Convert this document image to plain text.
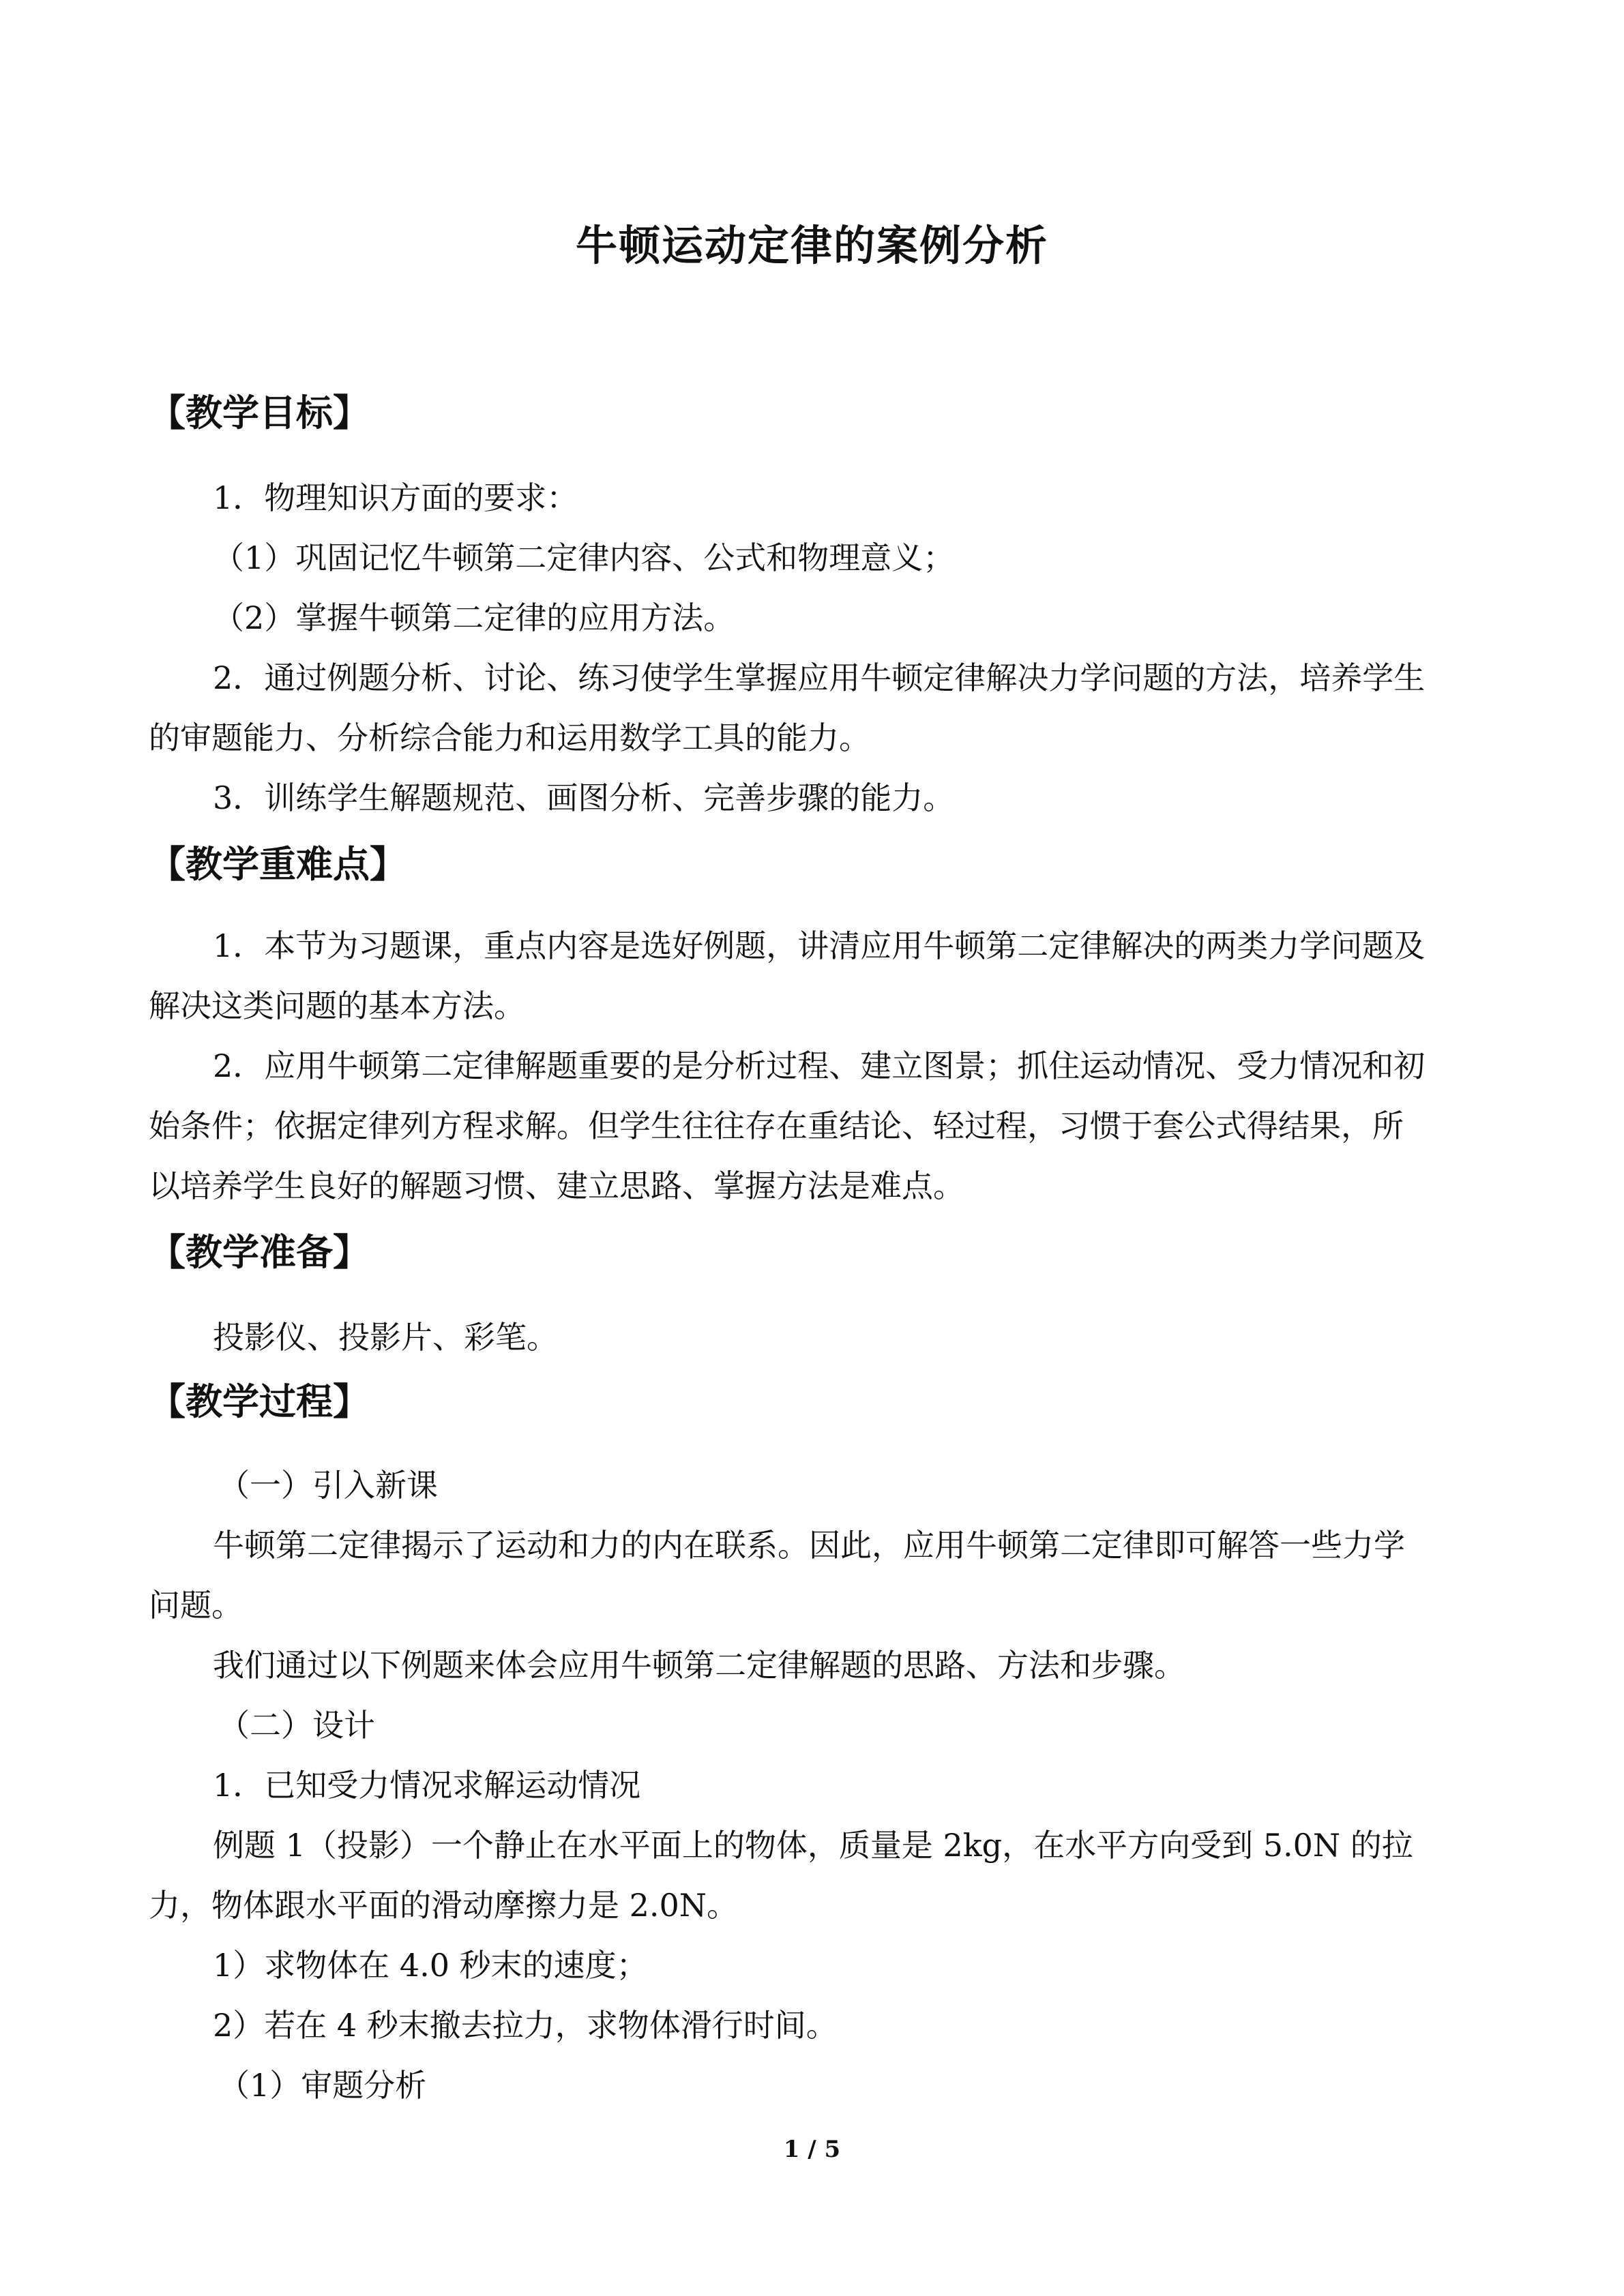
牛顿运动定律的案例分析
【教学目标】
1．物理知识方面的要求：
（1）巩固记忆牛顿第二定律内容、公式和物理意义；
（2）掌握牛顿第二定律的应用方法。
2．通过例题分析、讨论、练习使学生掌握应用牛顿定律解决力学问题的方法，培养学生
的审题能力、分析综合能力和运用数学工具的能力。
3．训练学生解题规范、画图分析、完善步骤的能力。
【教学重难点】
1．本节为习题课，重点内容是选好例题，讲清应用牛顿第二定律解决的两类力学问题及
解决这类问题的基本方法。
2．应用牛顿第二定律解题重要的是分析过程、建立图景；抓住运动情况、受力情况和初
始条件；依据定律列方程求解。但学生往往存在重结论、轻过程，习惯于套公式得结果，所
以培养学生良好的解题习惯、建立思路、掌握方法是难点。
【教学准备】
投影仪、投影片、彩笔。
【教学过程】
（一）引入新课
牛顿第二定律揭示了运动和力的内在联系。因此，应用牛顿第二定律即可解答一些力学
问题。
我们通过以下例题来体会应用牛顿第二定律解题的思路、方法和步骤。
（二）设计
1．已知受力情况求解运动情况
例题 1（投影）一个静止在水平面上的物体，质量是 2kg，在水平方向受到 5.0N 的拉
力，物体跟水平面的滑动摩擦力是 2.0N。
1）求物体在 4.0 秒末的速度；
2）若在 4 秒末撤去拉力，求物体滑行时间。
（1）审题分析
1 / 5
